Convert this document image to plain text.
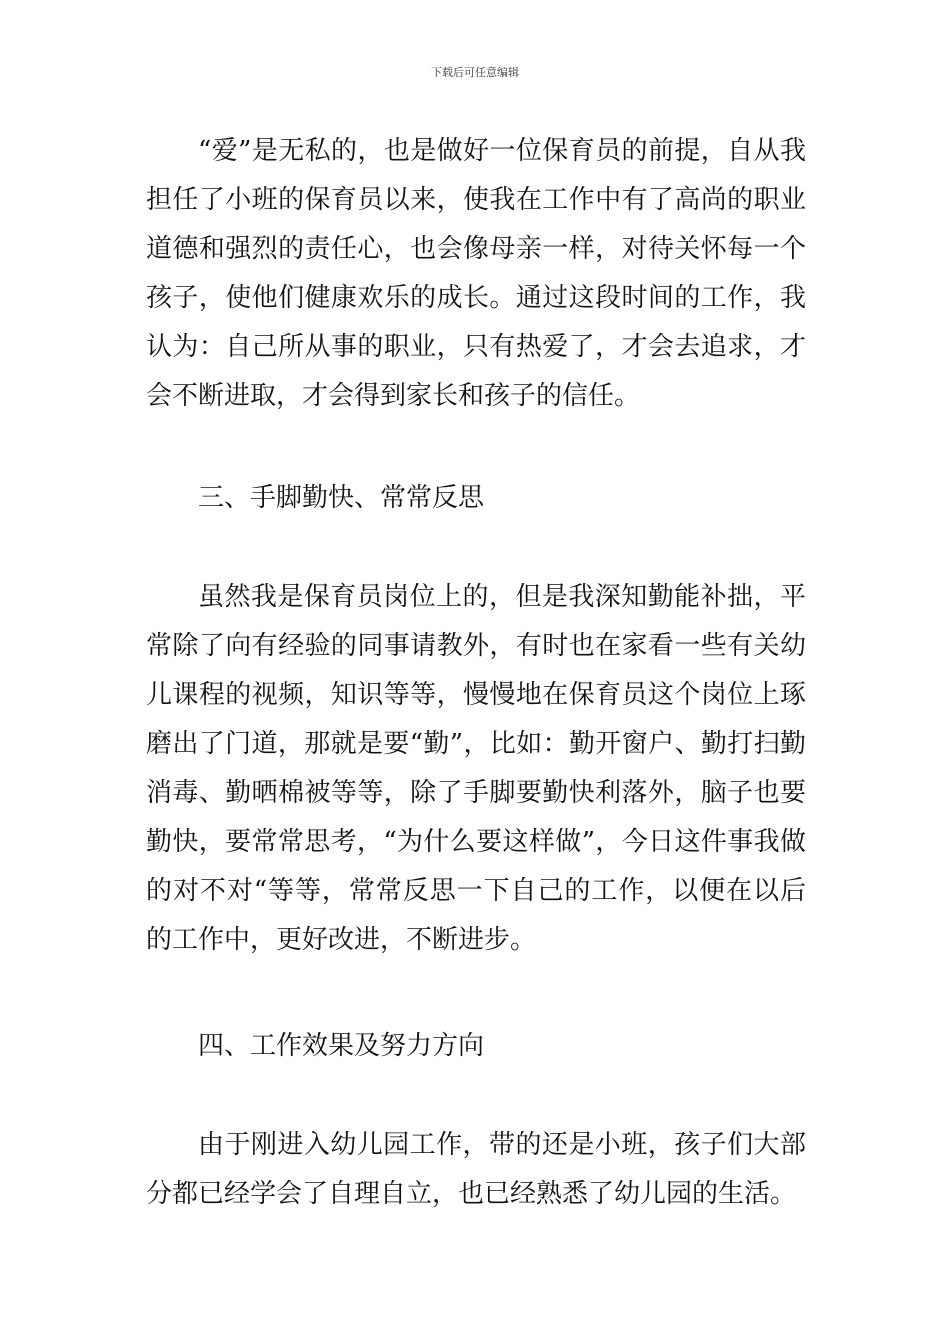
下载后可任意编辑

“爱”是无私的，也是做好一位保育员的前提，自从我担任了小班的保育员以来，使我在工作中有了高尚的职业道德和强烈的责任心，也会像母亲一样，对待关怀每一个孩子，使他们健康欢乐的成长。通过这段时间的工作，我认为：自己所从事的职业，只有热爱了，才会去追求，才会不断进取，才会得到家长和孩子的信任。

三、手脚勤快、常常反思

虽然我是保育员岗位上的，但是我深知勤能补拙，平常除了向有经验的同事请教外，有时也在家看一些有关幼儿课程的视频，知识等等，慢慢地在保育员这个岗位上琢磨出了门道，那就是要“勤”，比如：勤开窗户、勤打扫勤消毒、勤晒棉被等等，除了手脚要勤快利落外，脑子也要勤快，要常常思考，“为什么要这样做”，今日这件事我做的对不对“等等，常常反思一下自己的工作，以便在以后的工作中，更好改进，不断进步。

四、工作效果及努力方向

由于刚进入幼儿园工作，带的还是小班，孩子们大部分都已经学会了自理自立，也已经熟悉了幼儿园的生活。
